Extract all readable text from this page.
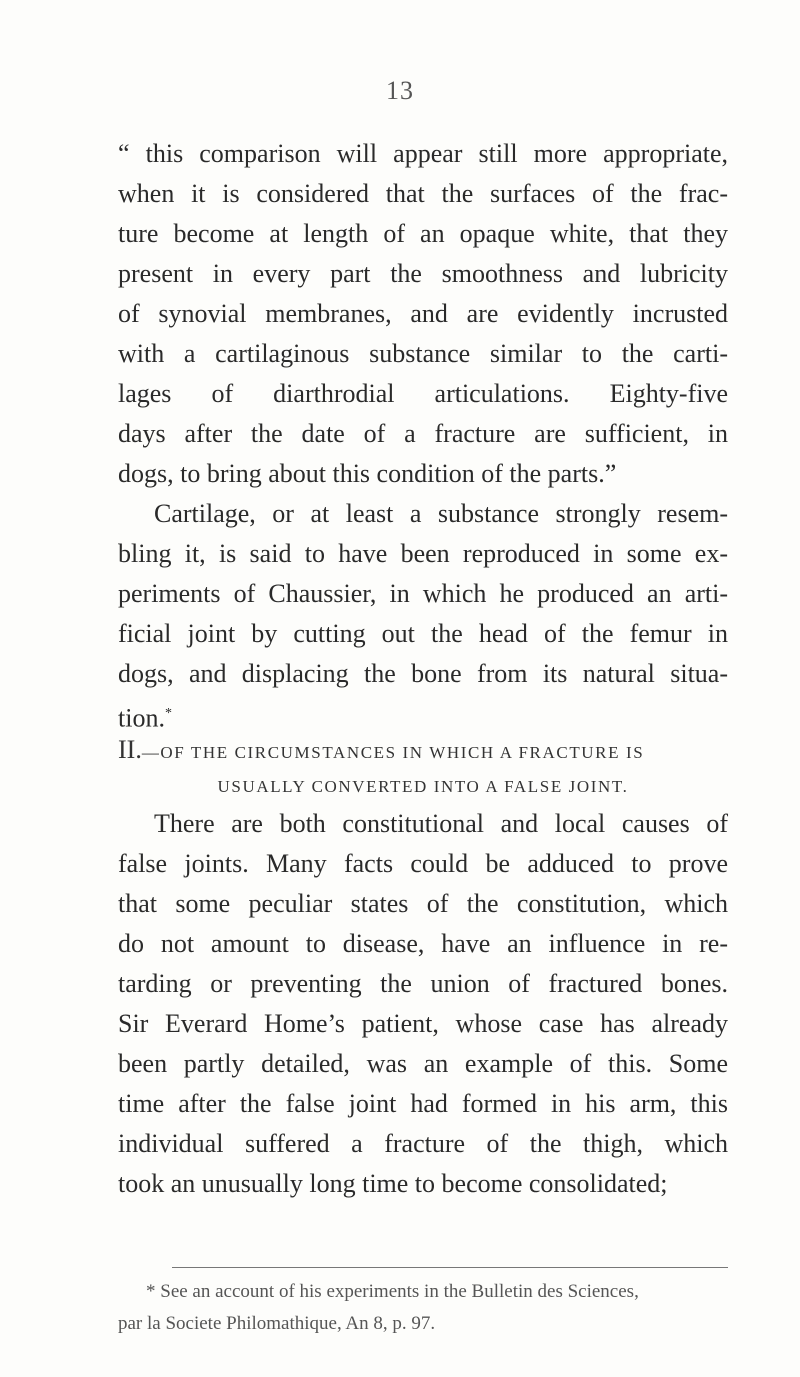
13
“ this comparison will appear still more appropriate,
when it is considered that the surfaces of the frac-
ture become at length of an opaque white, that they
present in every part the smoothness and lubricity
of synovial membranes, and are evidently incrusted
with a cartilaginous substance similar to the carti-
lages of diarthrodial articulations. Eighty-five
days after the date of a fracture are sufficient, in
dogs, to bring about this condition of the parts.”
Cartilage, or at least a substance strongly resem-
bling it, is said to have been reproduced in some ex-
periments of Chaussier, in which he produced an arti-
ficial joint by cutting out the head of the femur in
dogs, and displacing the bone from its natural situa-
tion.*
II.—OF THE CIRCUMSTANCES IN WHICH A FRACTURE IS
USUALLY CONVERTED INTO A FALSE JOINT.
There are both constitutional and local causes of
false joints. Many facts could be adduced to prove
that some peculiar states of the constitution, which
do not amount to disease, have an influence in re-
tarding or preventing the union of fractured bones.
Sir Everard Home’s patient, whose case has already
been partly detailed, was an example of this. Some
time after the false joint had formed in his arm, this
individual suffered a fracture of the thigh, which
took an unusually long time to become consolidated;
* See an account of his experiments in the Bulletin des Sciences,
par la Societe Philomathique, An 8, p. 97.
